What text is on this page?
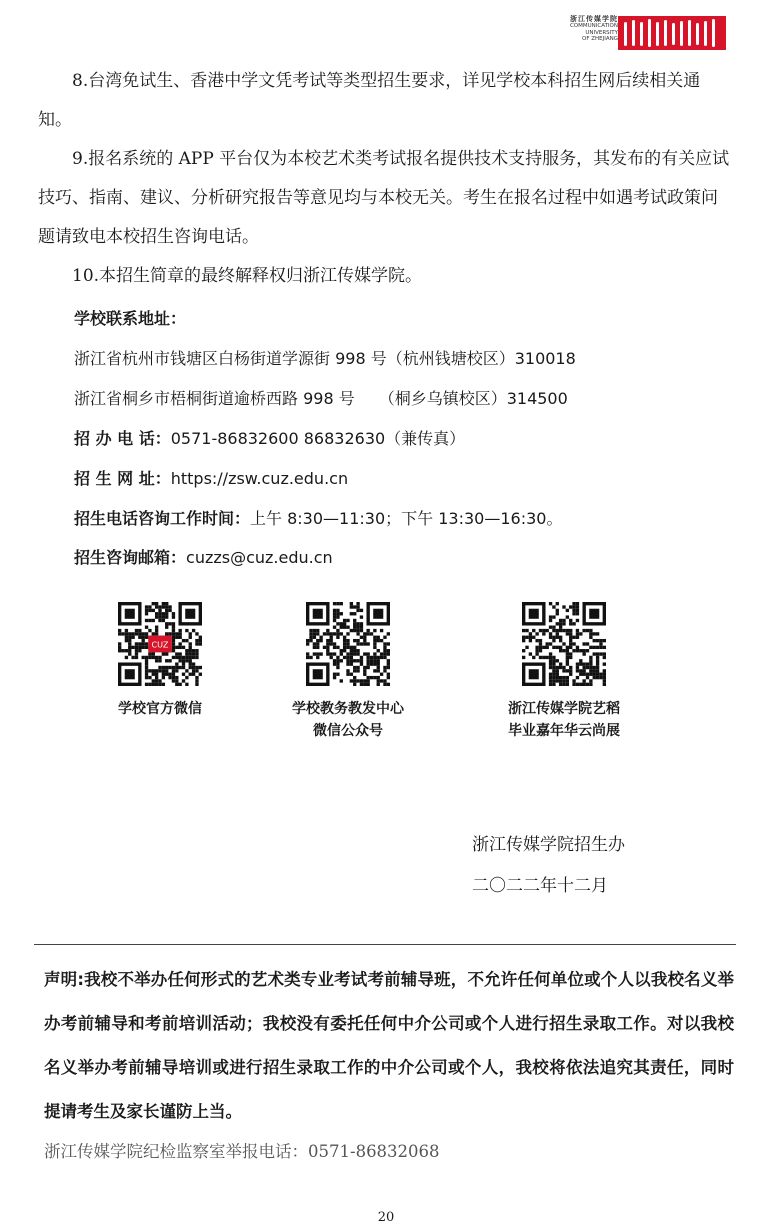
浙江传媒学院
COMMUNICATION
UNIVERSITY
OF ZHEJIANG
8.台湾免试生、香港中学文凭考试等类型招生要求，详见学校本科招生网后续相关通知。
9.报名系统的 APP 平台仅为本校艺术类考试报名提供技术支持服务，其发布的有关应试技巧、指南、建议、分析研究报告等意见均与本校无关。考生在报名过程中如遇考试政策问题请致电本校招生咨询电话。
10.本招生简章的最终解释权归浙江传媒学院。
学校联系地址：
浙江省杭州市钱塘区白杨街道学源街 998 号（杭州钱塘校区）310018
浙江省桐乡市梧桐街道逾桥西路 998 号　　（桐乡乌镇校区）314500
招 办 电 话：0571-86832600 86832630（兼传真）
招 生 网 址：https://zsw.cuz.edu.cn
招生电话咨询工作时间：上午 8:30—11:30；下午 13:30—16:30。
招生咨询邮箱：cuzzs@cuz.edu.cn
CUZ
学校官方微信	学校教务教发中心
微信公众号
浙江传媒学院艺稻
毕业嘉年华云尚展
浙江传媒学院招生办
二〇二二年十二月
声明:我校不举办任何形式的艺术类专业考试考前辅导班，不允许任何单位或个人以我校名义举办考前辅导和考前培训活动；我校没有委托任何中介公司或个人进行招生录取工作。对以我校名义举办考前辅导培训或进行招生录取工作的中介公司或个人，我校将依法追究其责任，同时提请考生及家长谨防上当。
浙江传媒学院纪检监察室举报电话：0571-86832068
20
